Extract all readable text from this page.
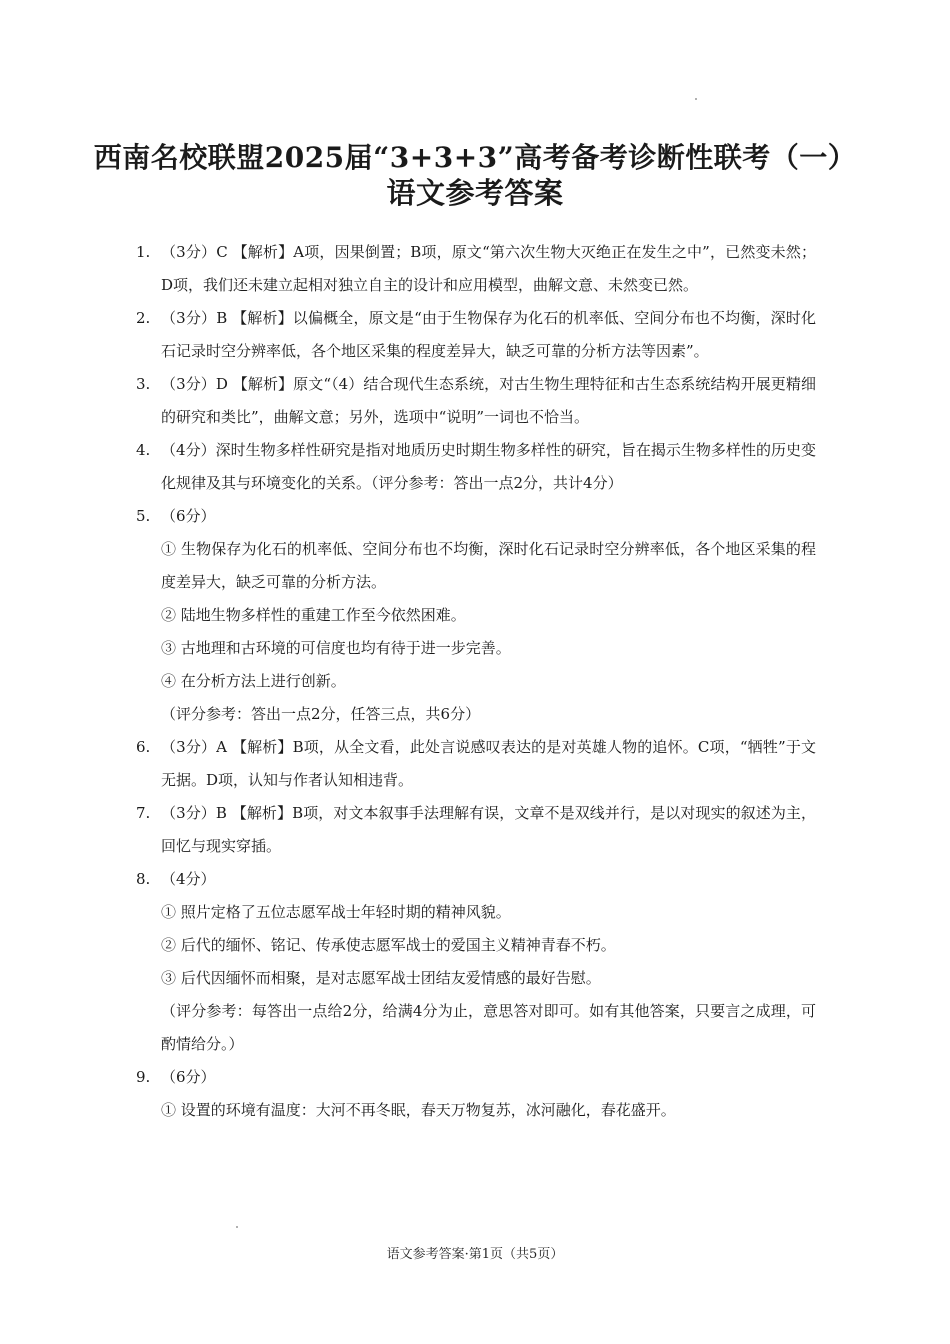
西南名校联盟2025届“3+3+3”高考备考诊断性联考（一）
语文参考答案
1. （3分）C 【解析】A项，因果倒置；B项，原文“第六次生物大灭绝正在发生之中”，已然变未然；D项，我们还未建立起相对独立自主的设计和应用模型，曲解文意、未然变已然。

2. （3分）B 【解析】以偏概全，原文是“由于生物保存为化石的机率低、空间分布也不均衡，深时化石记录时空分辨率低，各个地区采集的程度差异大，缺乏可靠的分析方法等因素”。

3. （3分）D 【解析】原文“（4）结合现代生态系统，对古生物生理特征和古生态系统结构开展更精细的研究和类比”，曲解文意；另外，选项中“说明”一词也不恰当。

4. （4分）深时生物多样性研究是指对地质历史时期生物多样性的研究，旨在揭示生物多样性的历史变化规律及其与环境变化的关系。（评分参考：答出一点2分，共计4分）

5. （6分）

① 生物保存为化石的机率低、空间分布也不均衡，深时化石记录时空分辨率低，各个地区采集的程度差异大，缺乏可靠的分析方法。

② 陆地生物多样性的重建工作至今依然困难。

③ 古地理和古环境的可信度也均有待于进一步完善。

④ 在分析方法上进行创新。

（评分参考：答出一点2分，任答三点，共6分）

6. （3分）A 【解析】B项，从全文看，此处言说感叹表达的是对英雄人物的追怀。C项，“牺牲”于文无据。D项，认知与作者认知相违背。

7. （3分）B 【解析】B项，对文本叙事手法理解有误，文章不是双线并行，是以对现实的叙述为主，回忆与现实穿插。

8. （4分）

① 照片定格了五位志愿军战士年轻时期的精神风貌。

② 后代的缅怀、铭记、传承使志愿军战士的爱国主义精神青春不朽。

③ 后代因缅怀而相聚，是对志愿军战士团结友爱情感的最好告慰。

（评分参考：每答出一点给2分，给满4分为止，意思答对即可。如有其他答案，只要言之成理，可酌情给分。）

9. （6分）

① 设置的环境有温度：大河不再冬眠，春天万物复苏，冰河融化，春花盛开。

语文参考答案·第1页（共5页）
